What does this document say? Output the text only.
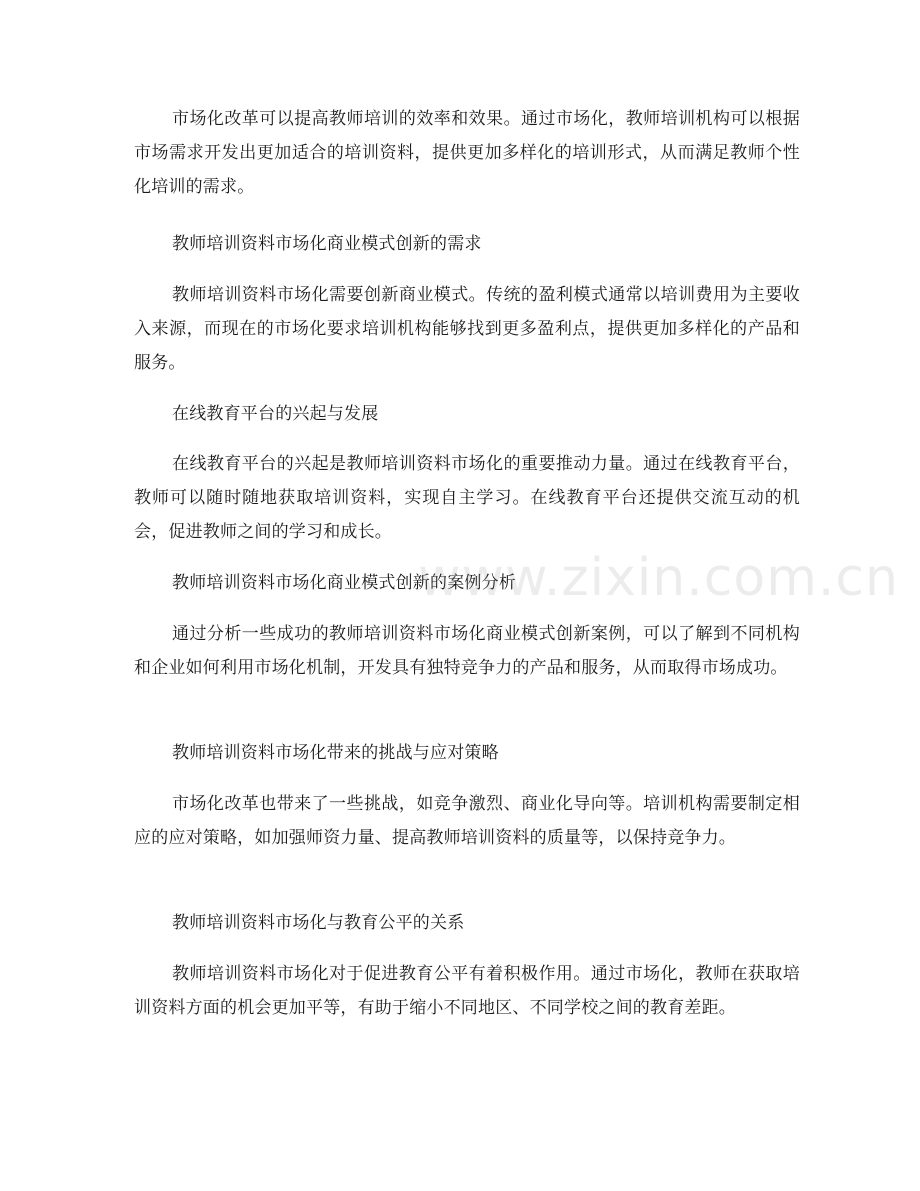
市场化改革可以提高教师培训的效率和效果。通过市场化，教师培训机构可以根据市场需求开发出更加适合的培训资料，提供更加多样化的培训形式，从而满足教师个性化培训的需求。
教师培训资料市场化商业模式创新的需求
教师培训资料市场化需要创新商业模式。传统的盈利模式通常以培训费用为主要收入来源，而现在的市场化要求培训机构能够找到更多盈利点，提供更加多样化的产品和服务。
在线教育平台的兴起与发展
在线教育平台的兴起是教师培训资料市场化的重要推动力量。通过在线教育平台，教师可以随时随地获取培训资料，实现自主学习。在线教育平台还提供交流互动的机会，促进教师之间的学习和成长。
教师培训资料市场化商业模式创新的案例分析
通过分析一些成功的教师培训资料市场化商业模式创新案例，可以了解到不同机构和企业如何利用市场化机制，开发具有独特竞争力的产品和服务，从而取得市场成功。
教师培训资料市场化带来的挑战与应对策略
市场化改革也带来了一些挑战，如竞争激烈、商业化导向等。培训机构需要制定相应的应对策略，如加强师资力量、提高教师培训资料的质量等，以保持竞争力。
教师培训资料市场化与教育公平的关系
教师培训资料市场化对于促进教育公平有着积极作用。通过市场化，教师在获取培训资料方面的机会更加平等，有助于缩小不同地区、不同学校之间的教育差距。
www.zixin.com.cn
